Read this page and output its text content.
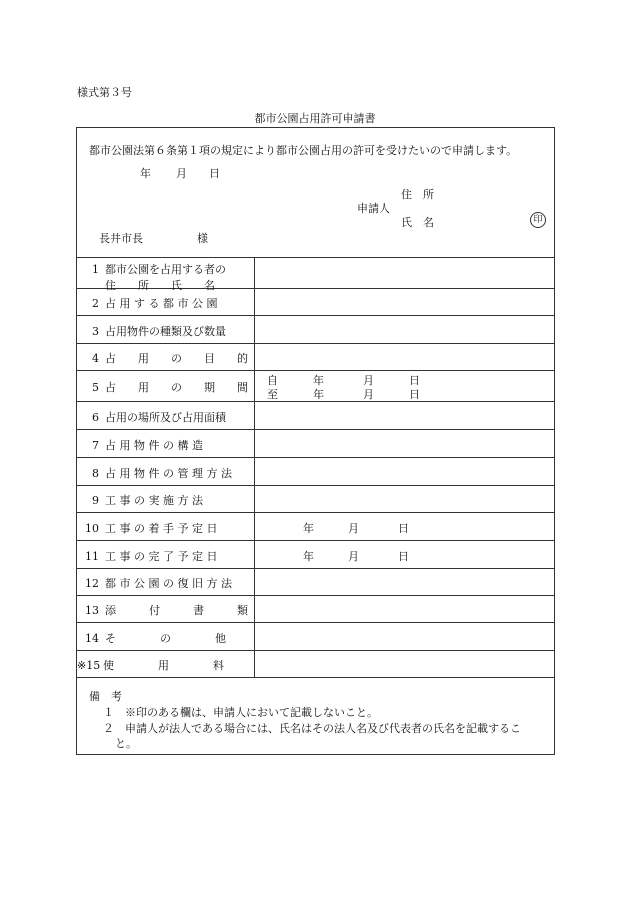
様式第３号
都市公園占用許可申請書
都市公園法第６条第１項の規定により都市公園占用の許可を受けたいので申請します。
年 月 日
住　所
申請人
氏　名	印
長井市長	様
1 都市公園を占用する者の
住　　所　　氏　　名
2 占 用 す る 都 市 公 園
3 占用物件の種類及び数量
4 占　　用　　の　　目　　的
5 占　　用　　の　　期　　間
自	年	月	日
至	年	月	日
6 占用の場所及び占用面積
7 占 用 物 件 の 構 造
8 占 用 物 件 の 管 理 方 法
9 工 事 の 実 施 方 法
10 工 事 の 着 手 予 定 日	年	月	日
11 工 事 の 完 了 予 定 日	年	月	日
12 都 市 公 園 の 復 旧 方 法
13 添　　　付　　　書　　　類
14 そ　　　　の　　　　他
※15 使　　　　用　　　　料
備　考
１　 ※印のある欄は、申請人において記載しないこと。
２　 申請人が法人である場合には、氏名はその法人名及び代表者の氏名を記載するこ
と。
